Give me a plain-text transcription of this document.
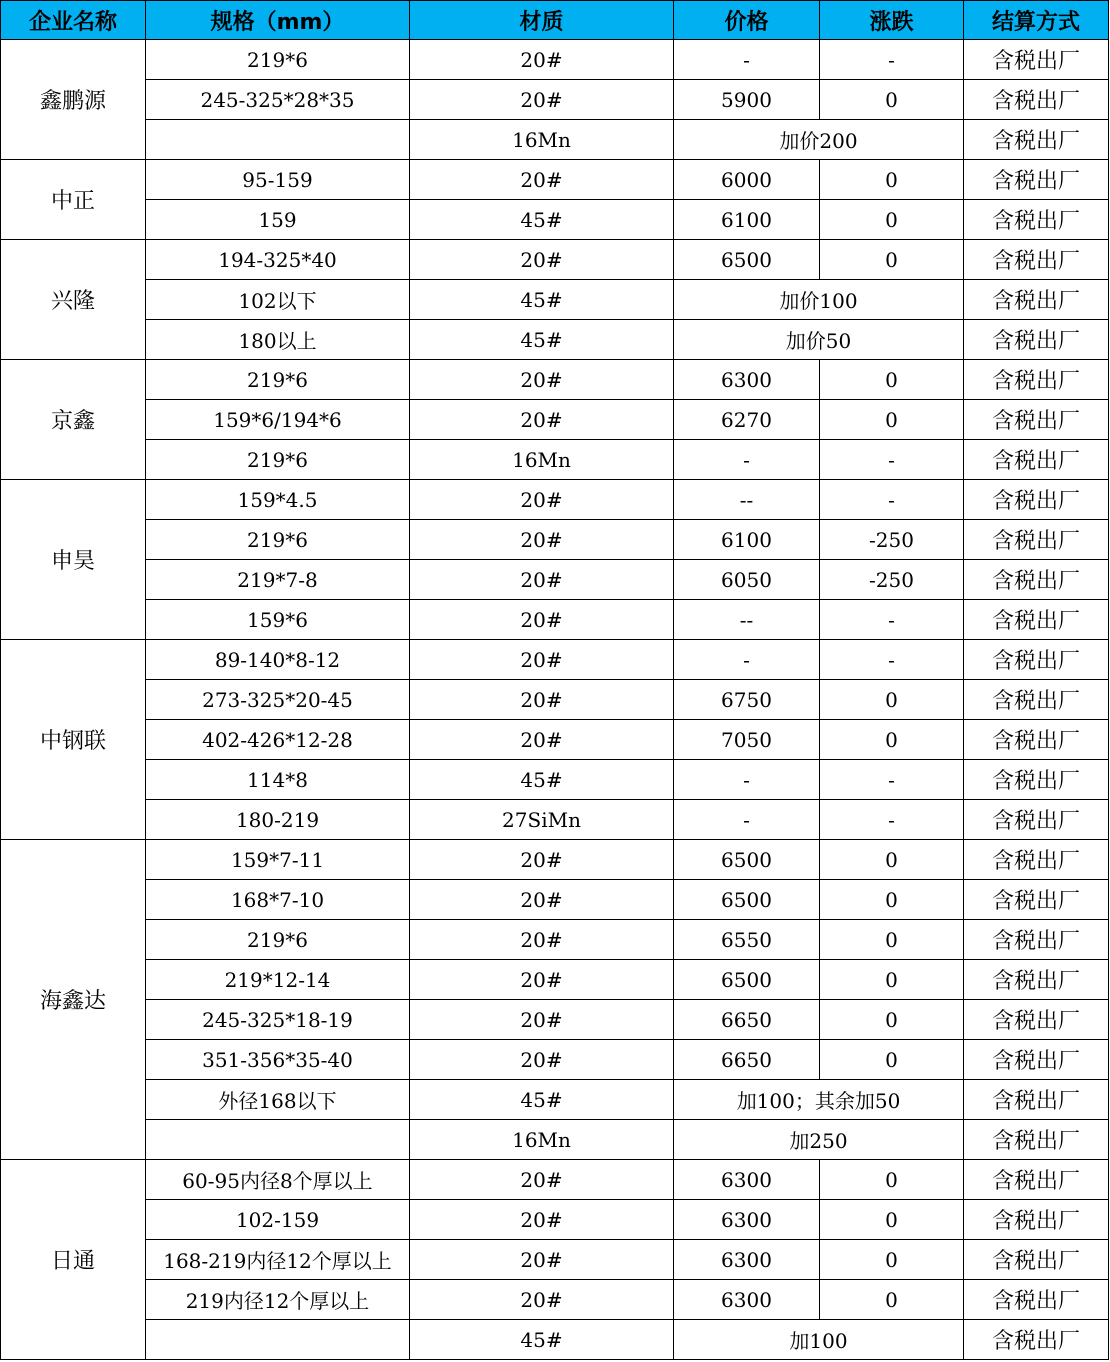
企业名称	规格（mm）	材质	价格	涨跌	结算方式
鑫鹏源	219*6	20#	-	-	含税出厂
	245-325*28*35	20#	5900	0	含税出厂
		16Mn	加价200		含税出厂
中正	95-159	20#	6000	0	含税出厂
	159	45#	6100	0	含税出厂
兴隆	194-325*40	20#	6500	0	含税出厂
	102以下	45#	加价100		含税出厂
	180以上	45#	加价50		含税出厂
京鑫	219*6	20#	6300	0	含税出厂
	159*6/194*6	20#	6270	0	含税出厂
	219*6	16Mn	-	-	含税出厂
申昊	159*4.5	20#	--	-	含税出厂
	219*6	20#	6100	-250	含税出厂
	219*7-8	20#	6050	-250	含税出厂
	159*6	20#	--	-	含税出厂
中钢联	89-140*8-12	20#	-	-	含税出厂
	273-325*20-45	20#	6750	0	含税出厂
	402-426*12-28	20#	7050	0	含税出厂
	114*8	45#	-	-	含税出厂
	180-219	27SiMn	-	-	含税出厂
海鑫达	159*7-11	20#	6500	0	含税出厂
	168*7-10	20#	6500	0	含税出厂
	219*6	20#	6550	0	含税出厂
	219*12-14	20#	6500	0	含税出厂
	245-325*18-19	20#	6650	0	含税出厂
	351-356*35-40	20#	6650	0	含税出厂
	外径168以下	45#	加100；其余加50		含税出厂
		16Mn	加250		含税出厂
日通	60-95内径8个厚以上	20#	6300	0	含税出厂
	102-159	20#	6300	0	含税出厂
	168-219内径12个厚以上	20#	6300	0	含税出厂
	219内径12个厚以上	20#	6300	0	含税出厂
		45#	加100		含税出厂
